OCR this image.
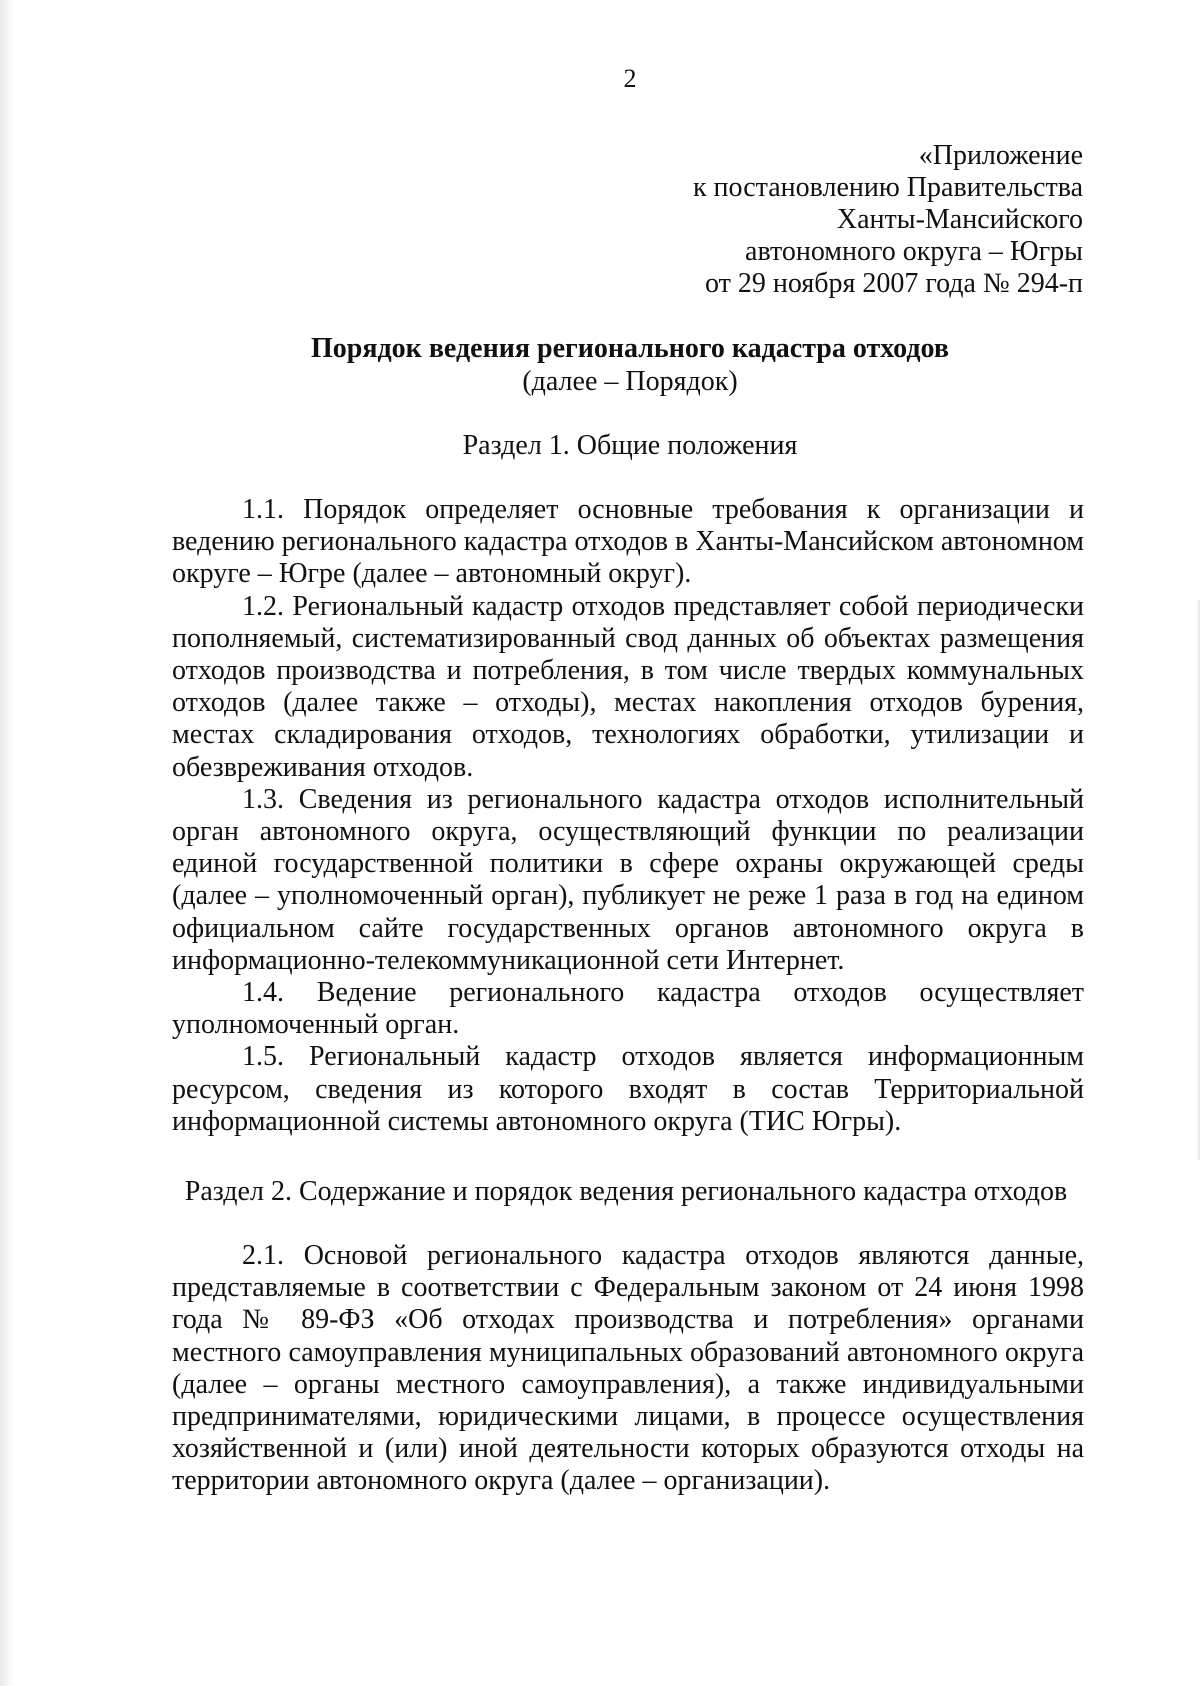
2
«Приложение
к постановлению Правительства
Ханты-Мансийского
автономного округа – Югры
от 29 ноября 2007 года № 294-п
Порядок ведения регионального кадастра отходов
(далее – Порядок)
Раздел 1. Общие положения

1.1. Порядок определяет основные требования к организации и ведению регионального кадастра отходов в Ханты-Мансийском автономном округе – Югре (далее – автономный округ).

1.2. Региональный кадастр отходов представляет собой периодически пополняемый, систематизированный свод данных об объектах размещения отходов производства и потребления, в том числе твердых коммунальных отходов (далее также – отходы), местах накопления отходов бурения, местах складирования отходов, технологиях обработки, утилизации и обезвреживания отходов.

1.3. Сведения из регионального кадастра отходов исполнительный орган автономного округа, осуществляющий функции по реализации единой государственной политики в сфере охраны окружающей среды (далее – уполномоченный орган), публикует не реже 1 раза в год на едином официальном сайте государственных органов автономного округа в информационно-телекоммуникационной сети Интернет.

1.4. Ведение регионального кадастра отходов осуществляет уполномоченный орган.

1.5. Региональный кадастр отходов является информационным ресурсом, сведения из которого входят в состав Территориальной информационной системы автономного округа (ТИС Югры).

Раздел 2. Содержание и порядок ведения регионального кадастра отходов

2.1. Основой регионального кадастра отходов являются данные, представляемые в соответствии с Федеральным законом от 24 июня 1998 года № 89-ФЗ «Об отходах производства и потребления» органами местного самоуправления муниципальных образований автономного округа (далее – органы местного самоуправления), а также индивидуальными предпринимателями, юридическими лицами, в процессе осуществления хозяйственной и (или) иной деятельности которых образуются отходы на территории автономного округа (далее – организации).
